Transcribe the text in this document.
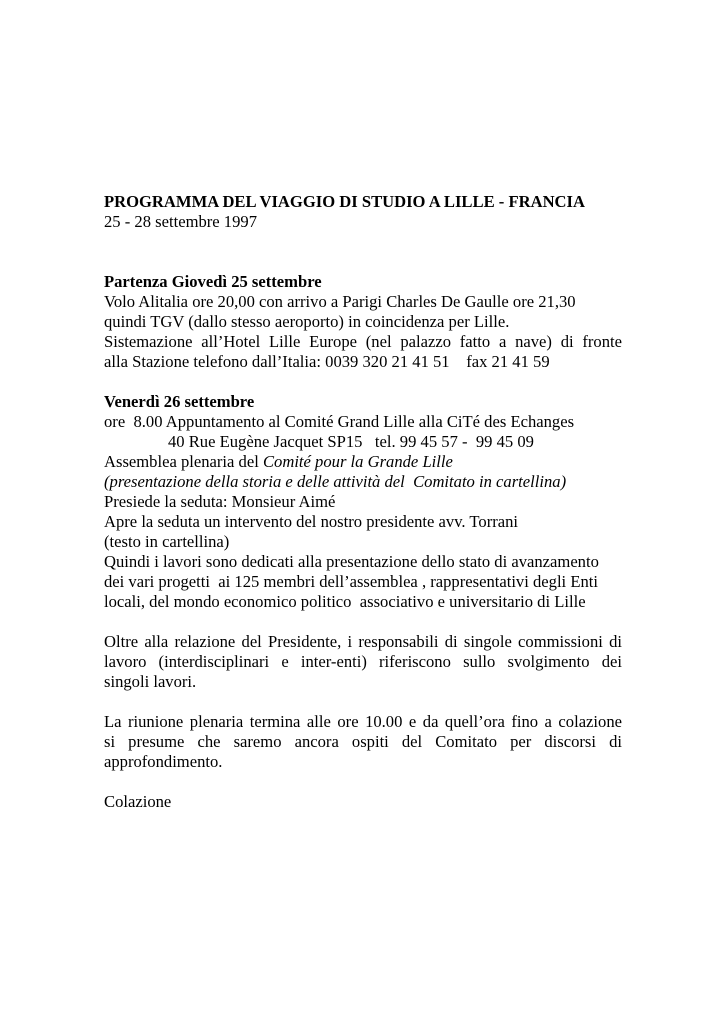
PROGRAMMA DEL VIAGGIO DI STUDIO A LILLE - FRANCIA
25 - 28 settembre 1997
Partenza Giovedì 25 settembre
Volo Alitalia ore 20,00 con arrivo a Parigi Charles De Gaulle ore 21,30
quindi TGV (dallo stesso aeroporto) in coincidenza per Lille.
Sistemazione all’Hotel Lille Europe (nel palazzo fatto a nave) di fronte
alla Stazione telefono dall’Italia: 0039 320 21 41 51    fax 21 41 59
Venerdì 26 settembre
ore  8.00 Appuntamento al Comité Grand Lille alla CiTé des Echanges
40 Rue Eugène Jacquet SP15   tel. 99 45 57 -  99 45 09
Assemblea plenaria del Comité pour la Grande Lille
(presentazione della storia e delle attività del  Comitato in cartellina)
Presiede la seduta: Monsieur Aimé
Apre la seduta un intervento del nostro presidente avv. Torrani
(testo in cartellina)
Quindi i lavori sono dedicati alla presentazione dello stato di avanzamento
dei vari progetti  ai 125 membri dell’assemblea , rappresentativi degli Enti
locali, del mondo economico politico  associativo e universitario di Lille
Oltre alla relazione del Presidente, i responsabili di singole commissioni di
lavoro (interdisciplinari e inter-enti) riferiscono sullo svolgimento dei
singoli lavori.
La riunione plenaria termina alle ore 10.00 e da quell’ora fino a colazione
si presume che saremo ancora ospiti del Comitato per discorsi di
approfondimento.
Colazione
